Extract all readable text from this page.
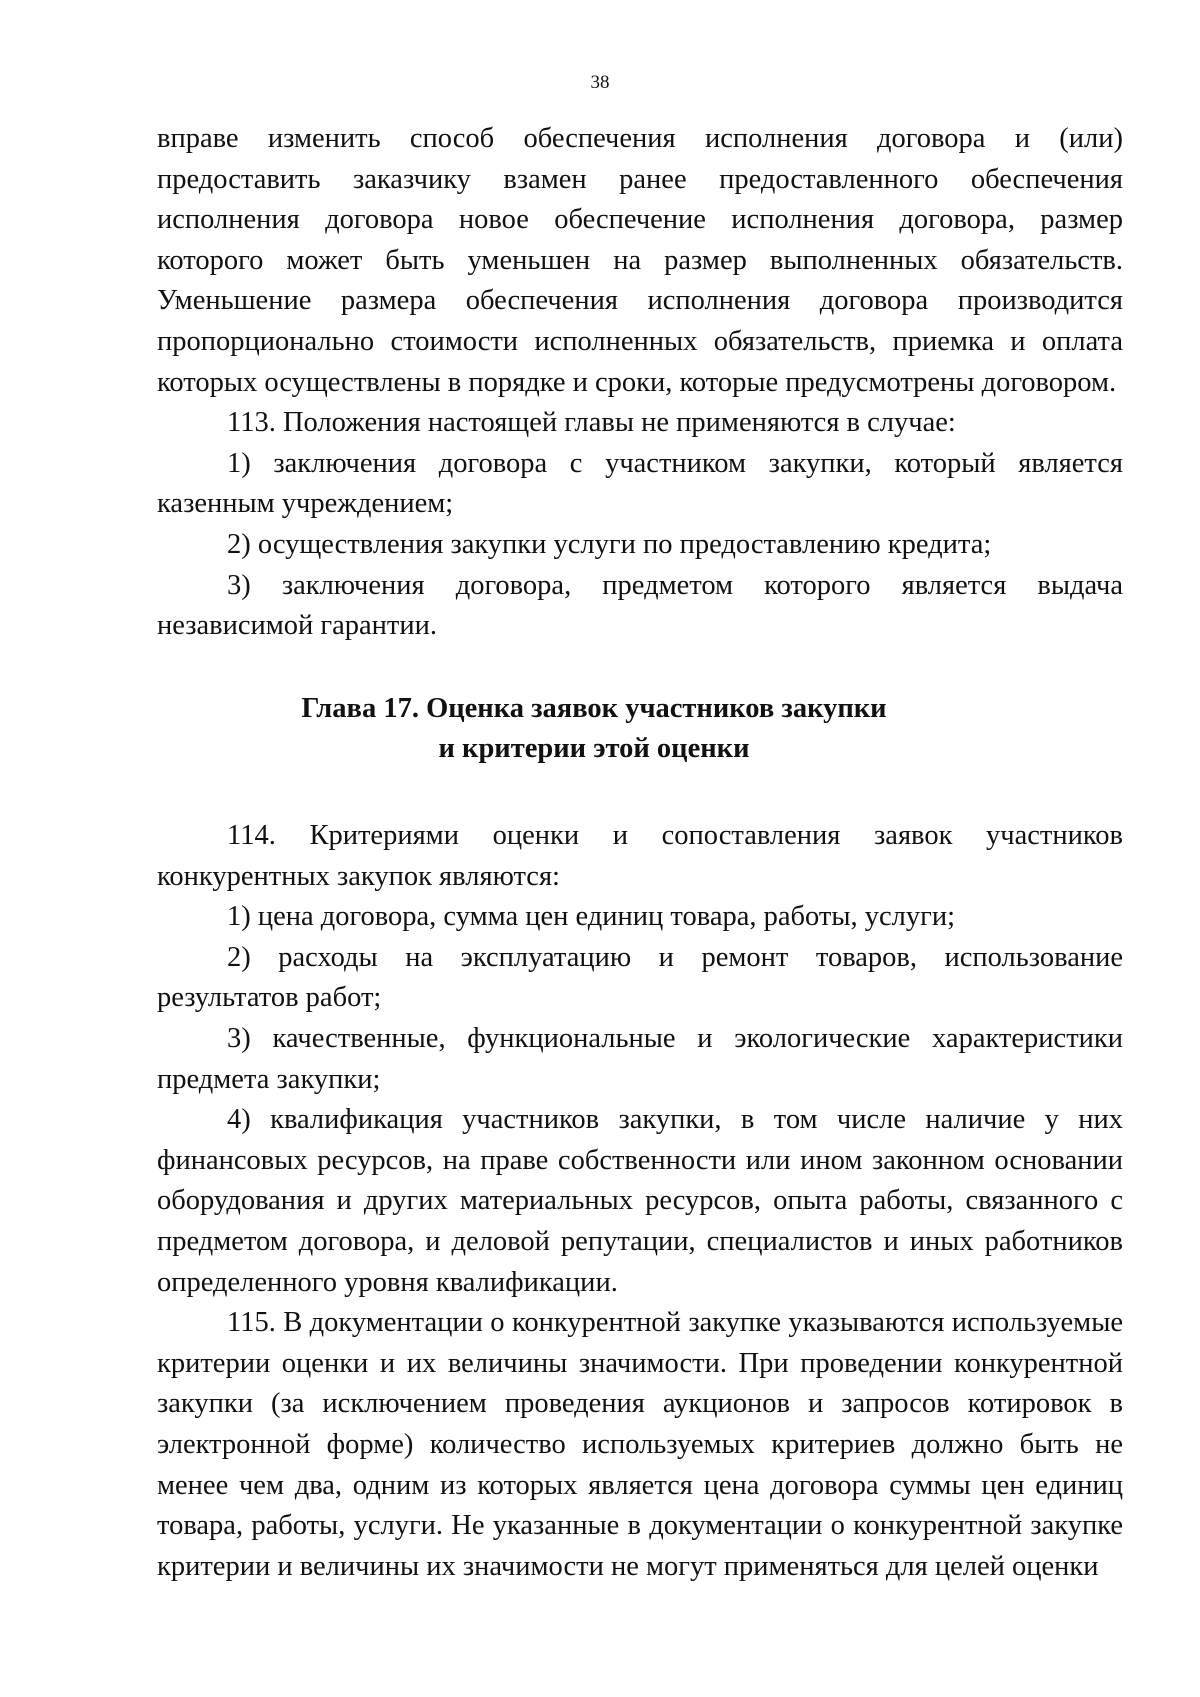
38

вправе изменить способ обеспечения исполнения договора и (или) предоставить заказчику взамен ранее предоставленного обеспечения исполнения договора новое обеспечение исполнения договора, размер которого может быть уменьшен на размер выполненных обязательств. Уменьшение размера обеспечения исполнения договора производится пропорционально стоимости исполненных обязательств, приемка и оплата которых осуществлены в порядке и сроки, которые предусмотрены договором.

113. Положения настоящей главы не применяются в случае:

1) заключения договора с участником закупки, который является казенным учреждением;

2) осуществления закупки услуги по предоставлению кредита;

3) заключения договора, предметом которого является выдача независимой гарантии.

Глава 17. Оценка заявок участников закупки
и критерии этой оценки

114. Критериями оценки и сопоставления заявок участников конкурентных закупок являются:

1) цена договора, сумма цен единиц товара, работы, услуги;

2) расходы на эксплуатацию и ремонт товаров, использование результатов работ;

3) качественные, функциональные и экологические характеристики предмета закупки;

4) квалификация участников закупки, в том числе наличие у них финансовых ресурсов, на праве собственности или ином законном основании оборудования и других материальных ресурсов, опыта работы, связанного с предметом договора, и деловой репутации, специалистов и иных работников определенного уровня квалификации.

115. В документации о конкурентной закупке указываются используемые критерии оценки и их величины значимости. При проведении конкурентной закупки (за исключением проведения аукционов и запросов котировок в электронной форме) количество используемых критериев должно быть не менее чем два, одним из которых является цена договора суммы цен единиц товара, работы, услуги. Не указанные в документации о конкурентной закупке критерии и величины их значимости не могут применяться для целей оценки
